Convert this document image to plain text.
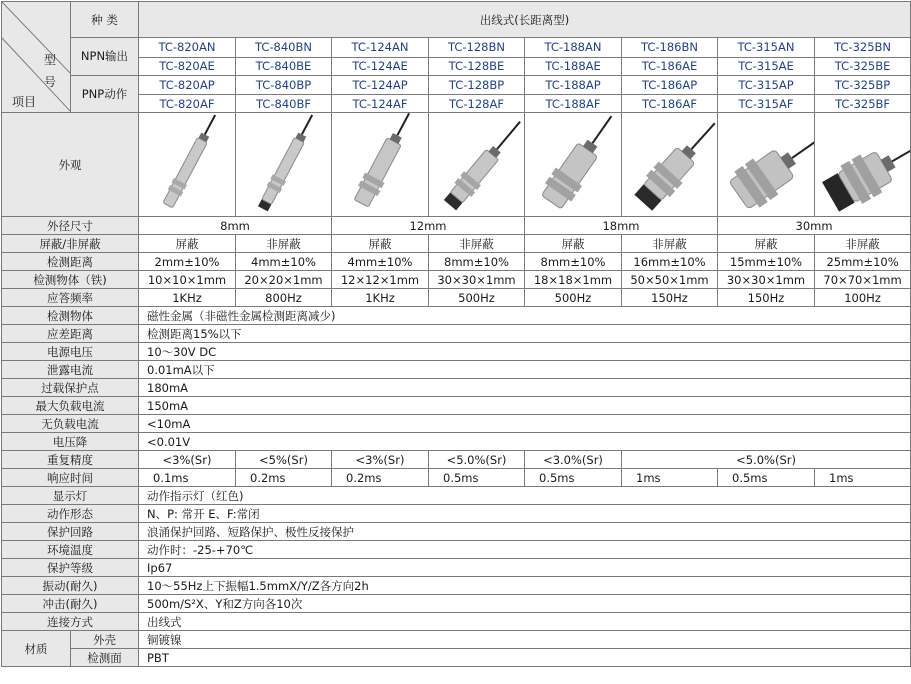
型
号
项目	种 类	出线式(长距离型)							
	NPN输出	TC-820AN	TC-840BN	TC-124AN	TC-128BN	TC-188AN	TC-186BN	TC-315AN	TC-325BN
		TC-820AE	TC-840BE	TC-124AE	TC-128BE	TC-188AE	TC-186AE	TC-315AE	TC-325BE
	PNP动作	TC-820AP	TC-840BP	TC-124AP	TC-128BP	TC-188AP	TC-186AP	TC-315AP	TC-325BP
		TC-820AF	TC-840BF	TC-124AF	TC-128AF	TC-188AF	TC-186AF	TC-315AF	TC-325BF
外观	

外径尺寸		8mm		12mm		18mm		30mm	
屏蔽/非屏蔽		屏蔽	非屏蔽	屏蔽	非屏蔽	屏蔽	非屏蔽	屏蔽	非屏蔽
检测距离		2mm±10%	4mm±10%	4mm±10%	8mm±10%	8mm±10%	16mm±10%	15mm±10%	25mm±10%
检测物体（铁)		10×10×1mm	20×20×1mm	12×12×1mm	30×30×1mm	18×18×1mm	50×50×1mm	30×30×1mm	70×70×1mm
应答频率		1KHz	800Hz	1KHz	500Hz	500Hz	150Hz	150Hz	100Hz
检测物体		磁性金属（非磁性金属检测距离减少)							
应差距离		检测距离15%以下							
电源电压		10～30V DC							
泄露电流		0.01mA以下							
过载保护点		180mA							
最大负载电流		150mA							
无负载电流		<10mA							
电压降		<0.01V							
重复精度		<3%(Sr)	<5%(Sr)	<3%(Sr)	<5.0%(Sr)	<3.0%(Sr)	<5.0%(Sr)		
响应时间		0.1ms	0.2ms	0.2ms	0.5ms	0.5ms	1ms	0.5ms	1ms
显示灯		动作指示灯（红色)							
动作形态		N、P: 常开 E、F:常闭							
保护回路		浪涌保护回路、短路保护、极性反接保护							
环境温度		动作时：-25-+70℃							
保护等级		Ip67							
振动(耐久)		10～55Hz上下振幅1.5mmX/Y/Z各方向2h							
冲击(耐久)		500m/S²X、Y和Z方向各10次							
连接方式		出线式							
材质	外壳	铜镀镍							
	检测面	PBT							
